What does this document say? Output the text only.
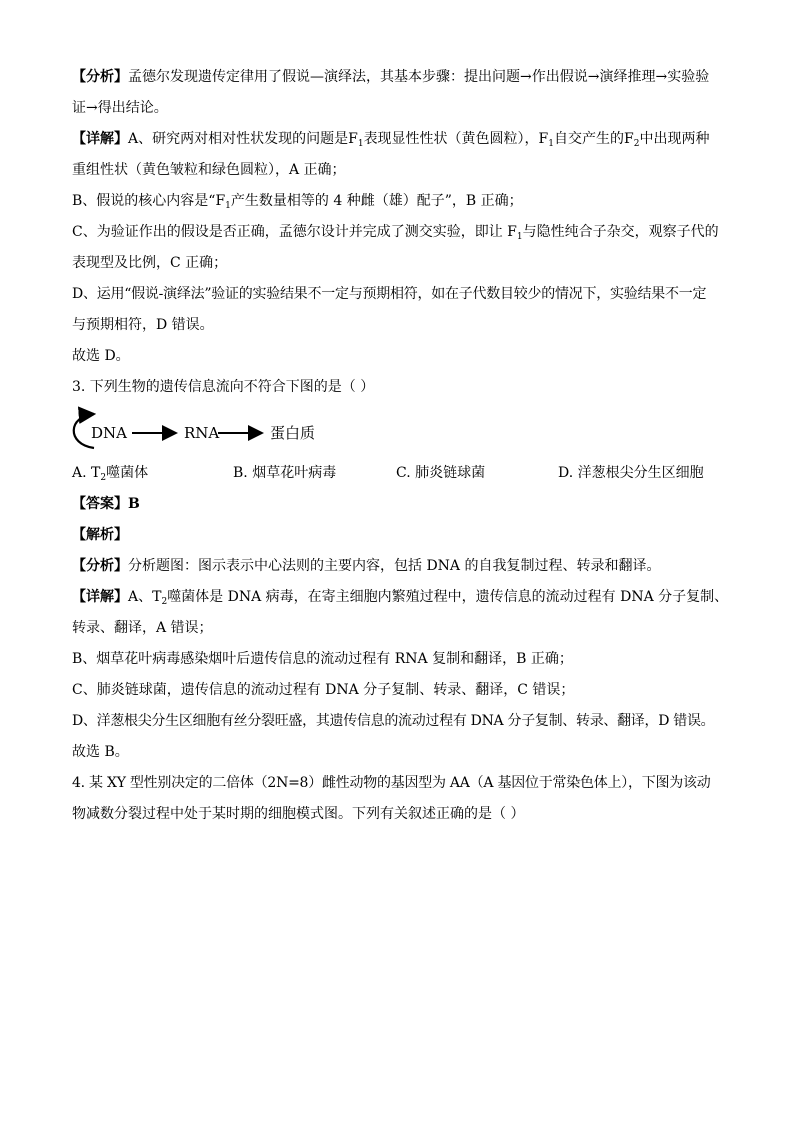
【分析】孟德尔发现遗传定律用了假说—演绎法，其基本步骤：提出问题→作出假说→演绎推理→实验验
证→得出结论。
【详解】A、研究两对相对性状发现的问题是$F_1$表现显性性状（黄色圆粒），$F_1$自交产生的$F_2$中出现两种
重组性状（黄色皱粒和绿色圆粒），A 正确；
B、假说的核心内容是“$F_1$产生数量相等的 4 种雌（雄）配子”，B 正确；
C、为验证作出的假设是否正确，孟德尔设计并完成了测交实验，即让 $F_1$与隐性纯合子杂交，观察子代的
表现型及比例，C 正确；
D、运用“假说-演绎法”验证的实验结果不一定与预期相符，如在子代数目较少的情况下，实验结果不一定
与预期相符，D 错误。
故选 D。
3. 下列生物的遗传信息流向不符合下图的是（ ）
DNA	RNA	蛋白质
A. $T_2$噬菌体	B. 烟草花叶病毒	C. 肺炎链球菌	D. 洋葱根尖分生区细胞
【答案】B
【解析】
【分析】分析题图：图示表示中心法则的主要内容，包括 DNA 的自我复制过程、转录和翻译。
【详解】A、$T_2$噬菌体是 DNA 病毒，在寄主细胞内繁殖过程中，遗传信息的流动过程有 DNA 分子复制、
转录、翻译，A 错误；
B、烟草花叶病毒感染烟叶后遗传信息的流动过程有 RNA 复制和翻译，B 正确；
C、肺炎链球菌，遗传信息的流动过程有 DNA 分子复制、转录、翻译，C 错误；
D、洋葱根尖分生区细胞有丝分裂旺盛，其遗传信息的流动过程有 DNA 分子复制、转录、翻译，D 错误。
故选 B。
4. 某 XY 型性别决定的二倍体（2N=8）雌性动物的基因型为 AA（A 基因位于常染色体上），下图为该动
物减数分裂过程中处于某时期的细胞模式图。下列有关叙述正确的是（ ）
